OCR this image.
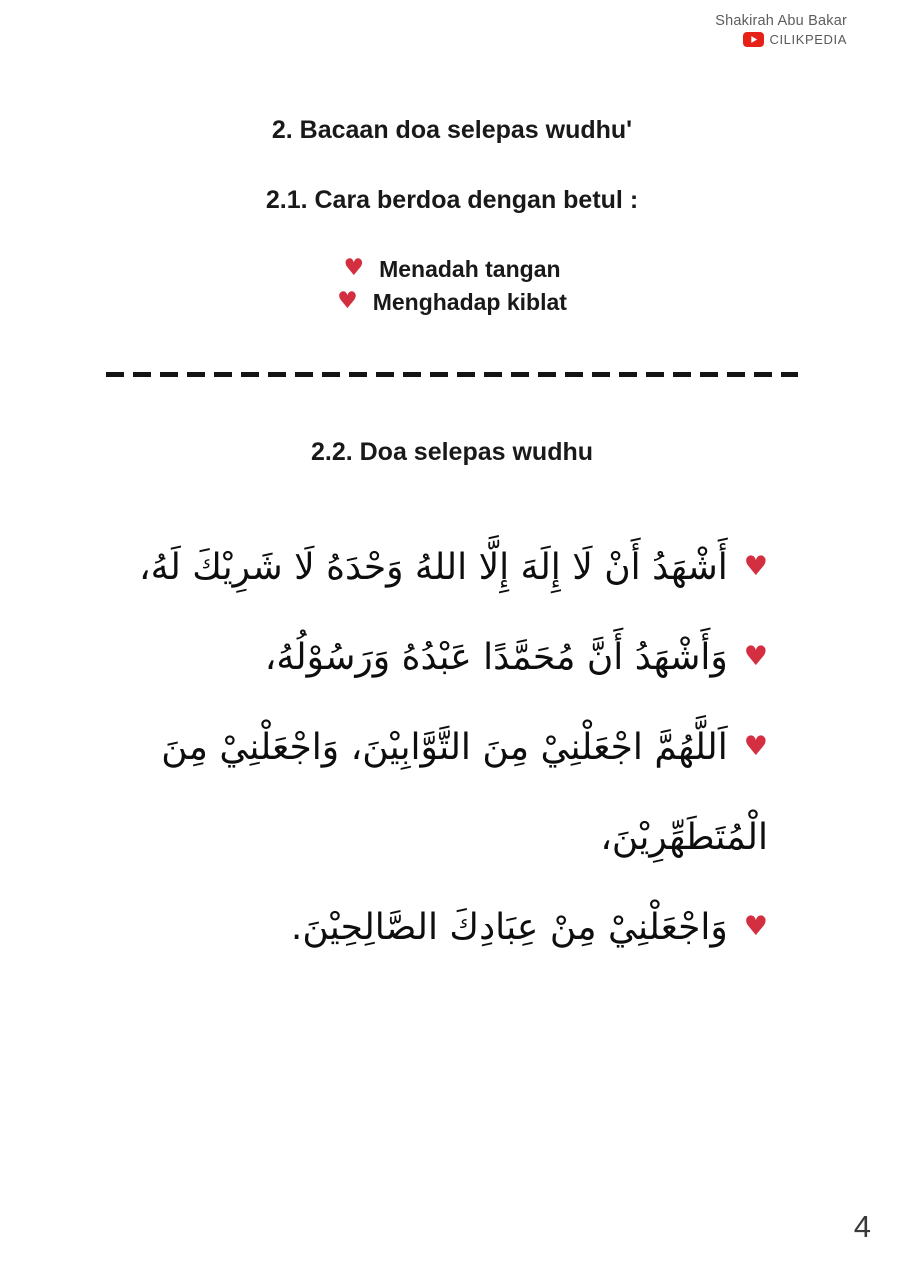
Shakirah Abu Bakar
CILIKPEDIA
2. Bacaan doa selepas wudhu'
2.1. Cara berdoa dengan betul :
♥ Menadah tangan
♥ Menghadap kiblat
2.2. Doa selepas wudhu

♥أَشْهَدُ أَنْ لَا إِلَهَ إِلَّا اللهُ وَحْدَهُ لَا شَرِيْكَ لَهُ،

♥وَأَشْهَدُ أَنَّ مُحَمَّدًا عَبْدُهُ وَرَسُوْلُهُ،

♥اَللَّهُمَّ اجْعَلْنِيْ مِنَ التَّوَّابِيْنَ، وَاجْعَلْنِيْ مِنَ الْمُتَطَهِّرِيْنَ،

♥وَاجْعَلْنِيْ مِنْ عِبَادِكَ الصَّالِحِيْنَ.

4
